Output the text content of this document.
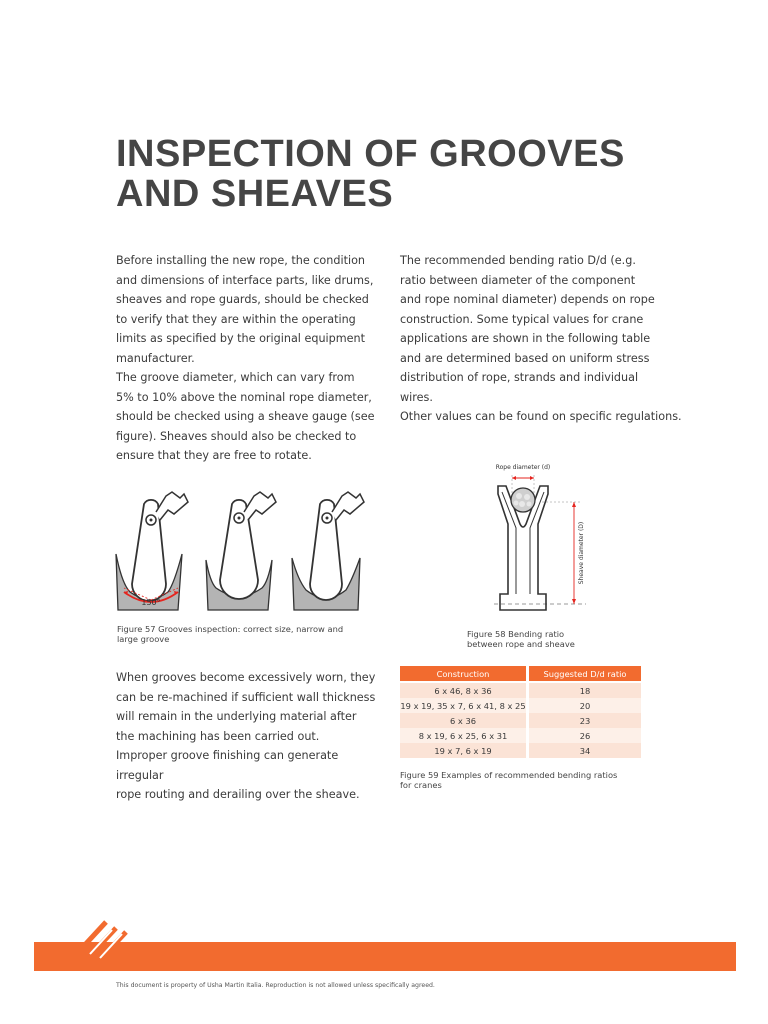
INSPECTION OF GROOVES
AND SHEAVES

Before installing the new rope, the condition
and dimensions of interface parts, like drums,
sheaves and rope guards, should be checked
to verify that they are within the operating
limits as specified by the original equipment
manufacturer.

The groove diameter, which can vary from
5% to 10% above the nominal rope diameter,
should be checked using a sheave gauge (see
figure). Sheaves should also be checked to
ensure that they are free to rotate.

The recommended bending ratio D/d (e.g.
ratio between diameter of the component
and rope nominal diameter) depends on rope
construction. Some typical values for crane
applications are shown in the following table
and are determined based on uniform stress
distribution of rope, strands and individual
wires.

Other values can be found on specific regulations.

150°
Figure 57 Grooves inspection: correct size, narrow and
large groove
Rope diameter (d)
Sheave diameter (D)
Figure 58 Bending ratio
between rope and sheave

When grooves become excessively worn, they
can be re-machined if sufficient wall thickness
will remain in the underlying material after
the machining has been carried out.

Improper groove finishing can generate irregular
rope routing and derailing over the sheave.

Construction	Suggested D/d ratio
6 x 46, 8 x 36	18
19 x 19, 35 x 7, 6 x 41, 8 x 25	20
6 x 36	23
8 x 19, 6 x 25, 6 x 31	26
19 x 7, 6 x 19	34
Figure 59 Examples of recommended bending ratios
for cranes
This document is property of Usha Martin Italia. Reproduction is not allowed unless specifically agreed.
